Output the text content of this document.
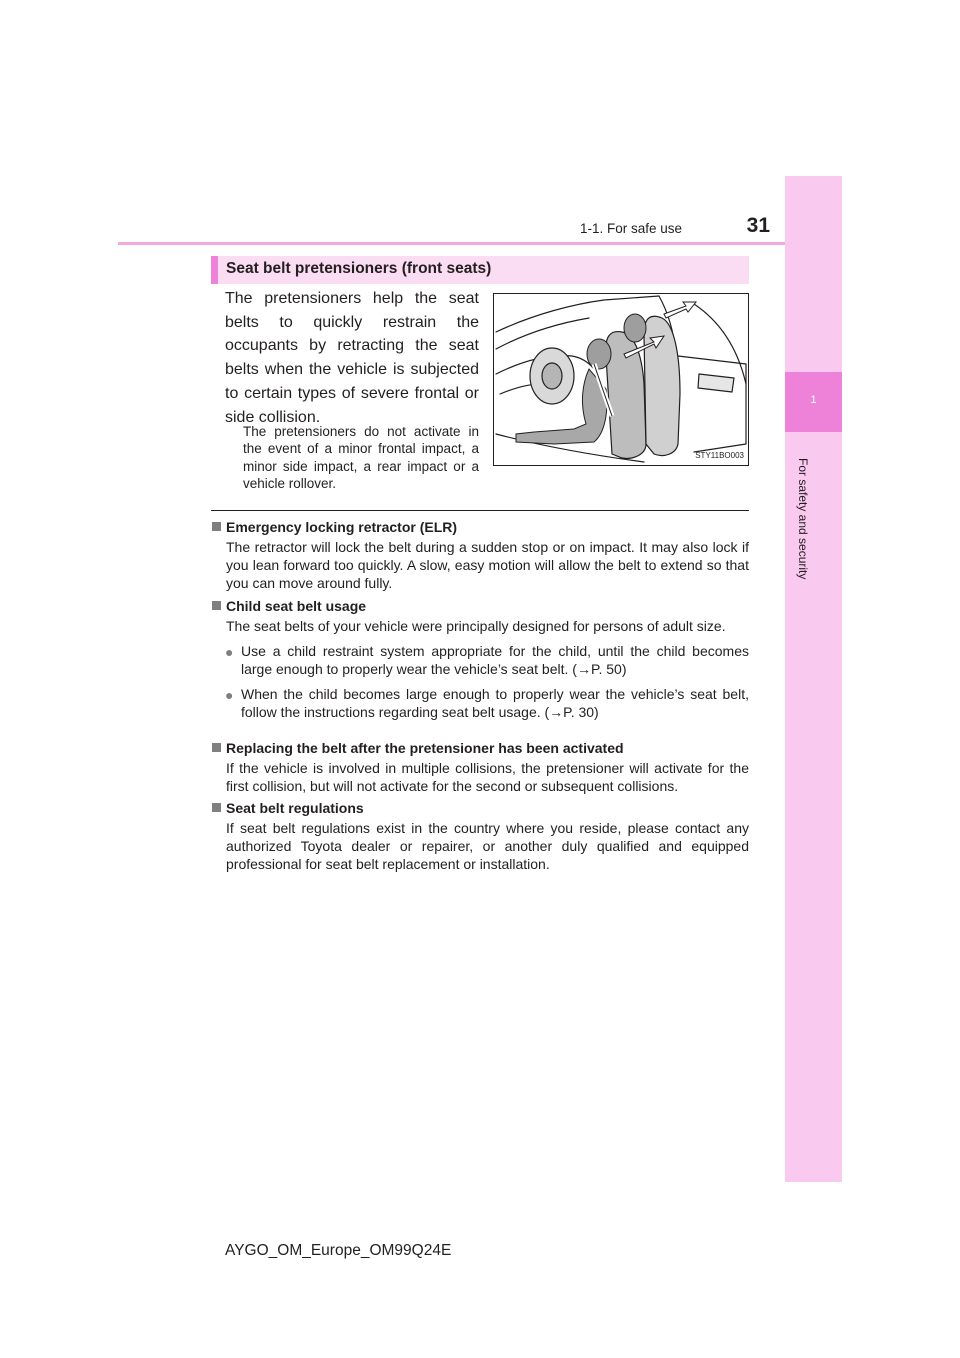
1-1. For safe use	31
1
For safety and security
Seat belt pretensioners (front seats)
The pretensioners help the seat belts to quickly restrain the occupants by retracting the seat belts when the vehicle is subjected to certain types of severe frontal or side collision.
The pretensioners do not activate in the event of a minor frontal impact, a minor side impact, a rear impact or a vehicle rollover.
STY11BO003
Emergency locking retractor (ELR)
The retractor will lock the belt during a sudden stop or on impact. It may also lock if you lean forward too quickly. A slow, easy motion will allow the belt to extend so that you can move around fully.
Child seat belt usage
The seat belts of your vehicle were principally designed for persons of adult size.
● Use a child restraint system appropriate for the child, until the child becomes large enough to properly wear the vehicle’s seat belt. (→P. 50)
● When the child becomes large enough to properly wear the vehicle’s seat belt, follow the instructions regarding seat belt usage. (→P. 30)
Replacing the belt after the pretensioner has been activated
If the vehicle is involved in multiple collisions, the pretensioner will activate for the first collision, but will not activate for the second or subsequent collisions.
Seat belt regulations
If seat belt regulations exist in the country where you reside, please contact any authorized Toyota dealer or repairer, or another duly qualified and equipped professional for seat belt replacement or installation.
AYGO_OM_Europe_OM99Q24E
